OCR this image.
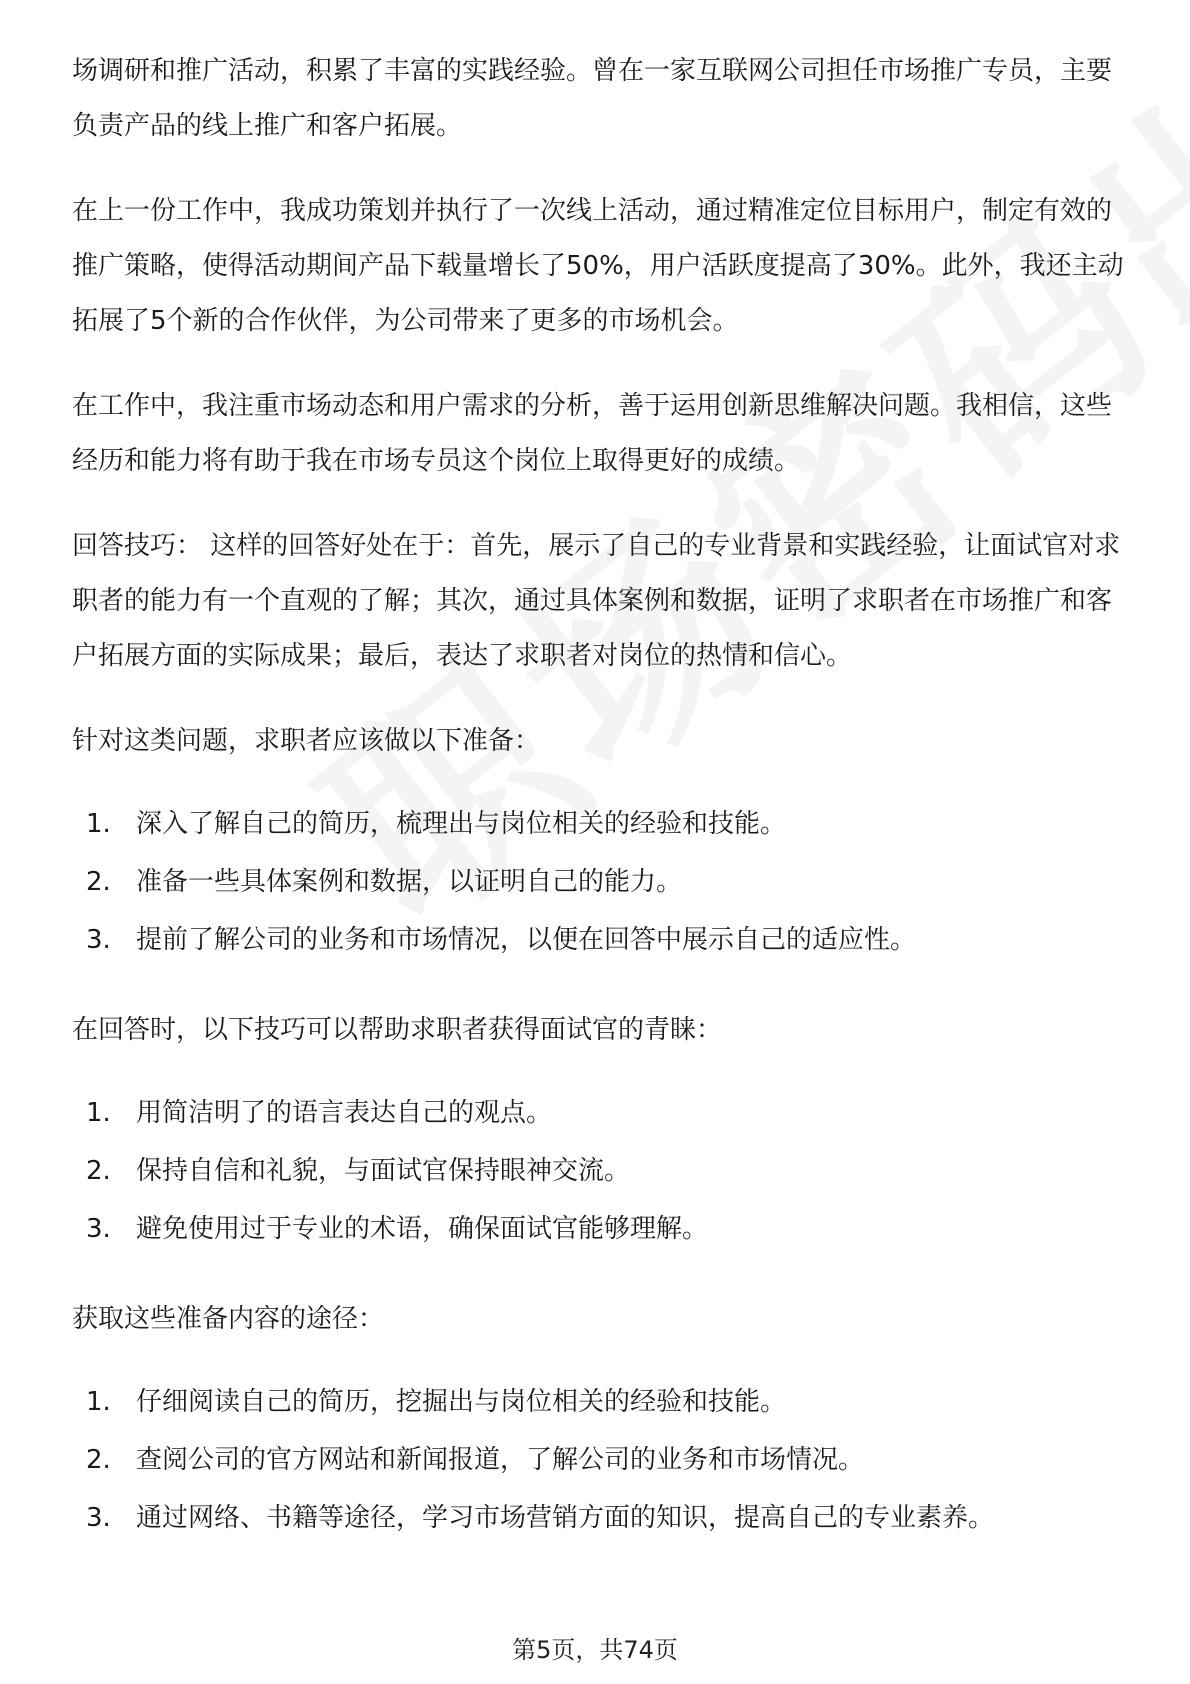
场调研和推广活动，积累了丰富的实践经验。曾在一家互联网公司担任市场推广专员，主要负责产品的线上推广和客户拓展。

在上一份工作中，我成功策划并执行了一次线上活动，通过精准定位目标用户，制定有效的推广策略，使得活动期间产品下载量增长了50%，用户活跃度提高了30%。此外，我还主动拓展了5个新的合作伙伴，为公司带来了更多的市场机会。

在工作中，我注重市场动态和用户需求的分析，善于运用创新思维解决问题。我相信，这些经历和能力将有助于我在市场专员这个岗位上取得更好的成绩。

回答技巧： 这样的回答好处在于：首先，展示了自己的专业背景和实践经验，让面试官对求职者的能力有一个直观的了解；其次，通过具体案例和数据，证明了求职者在市场推广和客户拓展方面的实际成果；最后，表达了求职者对岗位的热情和信心。

针对这类问题，求职者应该做以下准备：

1. 深入了解自己的简历，梳理出与岗位相关的经验和技能。
2. 准备一些具体案例和数据，以证明自己的能力。
3. 提前了解公司的业务和市场情况，以便在回答中展示自己的适应性。

在回答时，以下技巧可以帮助求职者获得面试官的青睐：

1. 用简洁明了的语言表达自己的观点。
2. 保持自信和礼貌，与面试官保持眼神交流。
3. 避免使用过于专业的术语，确保面试官能够理解。

获取这些准备内容的途径：

1. 仔细阅读自己的简历，挖掘出与岗位相关的经验和技能。
2. 查阅公司的官方网站和新闻报道，了解公司的业务和市场情况。
3. 通过网络、书籍等途径，学习市场营销方面的知识，提高自己的专业素养。
第5页，共74页
